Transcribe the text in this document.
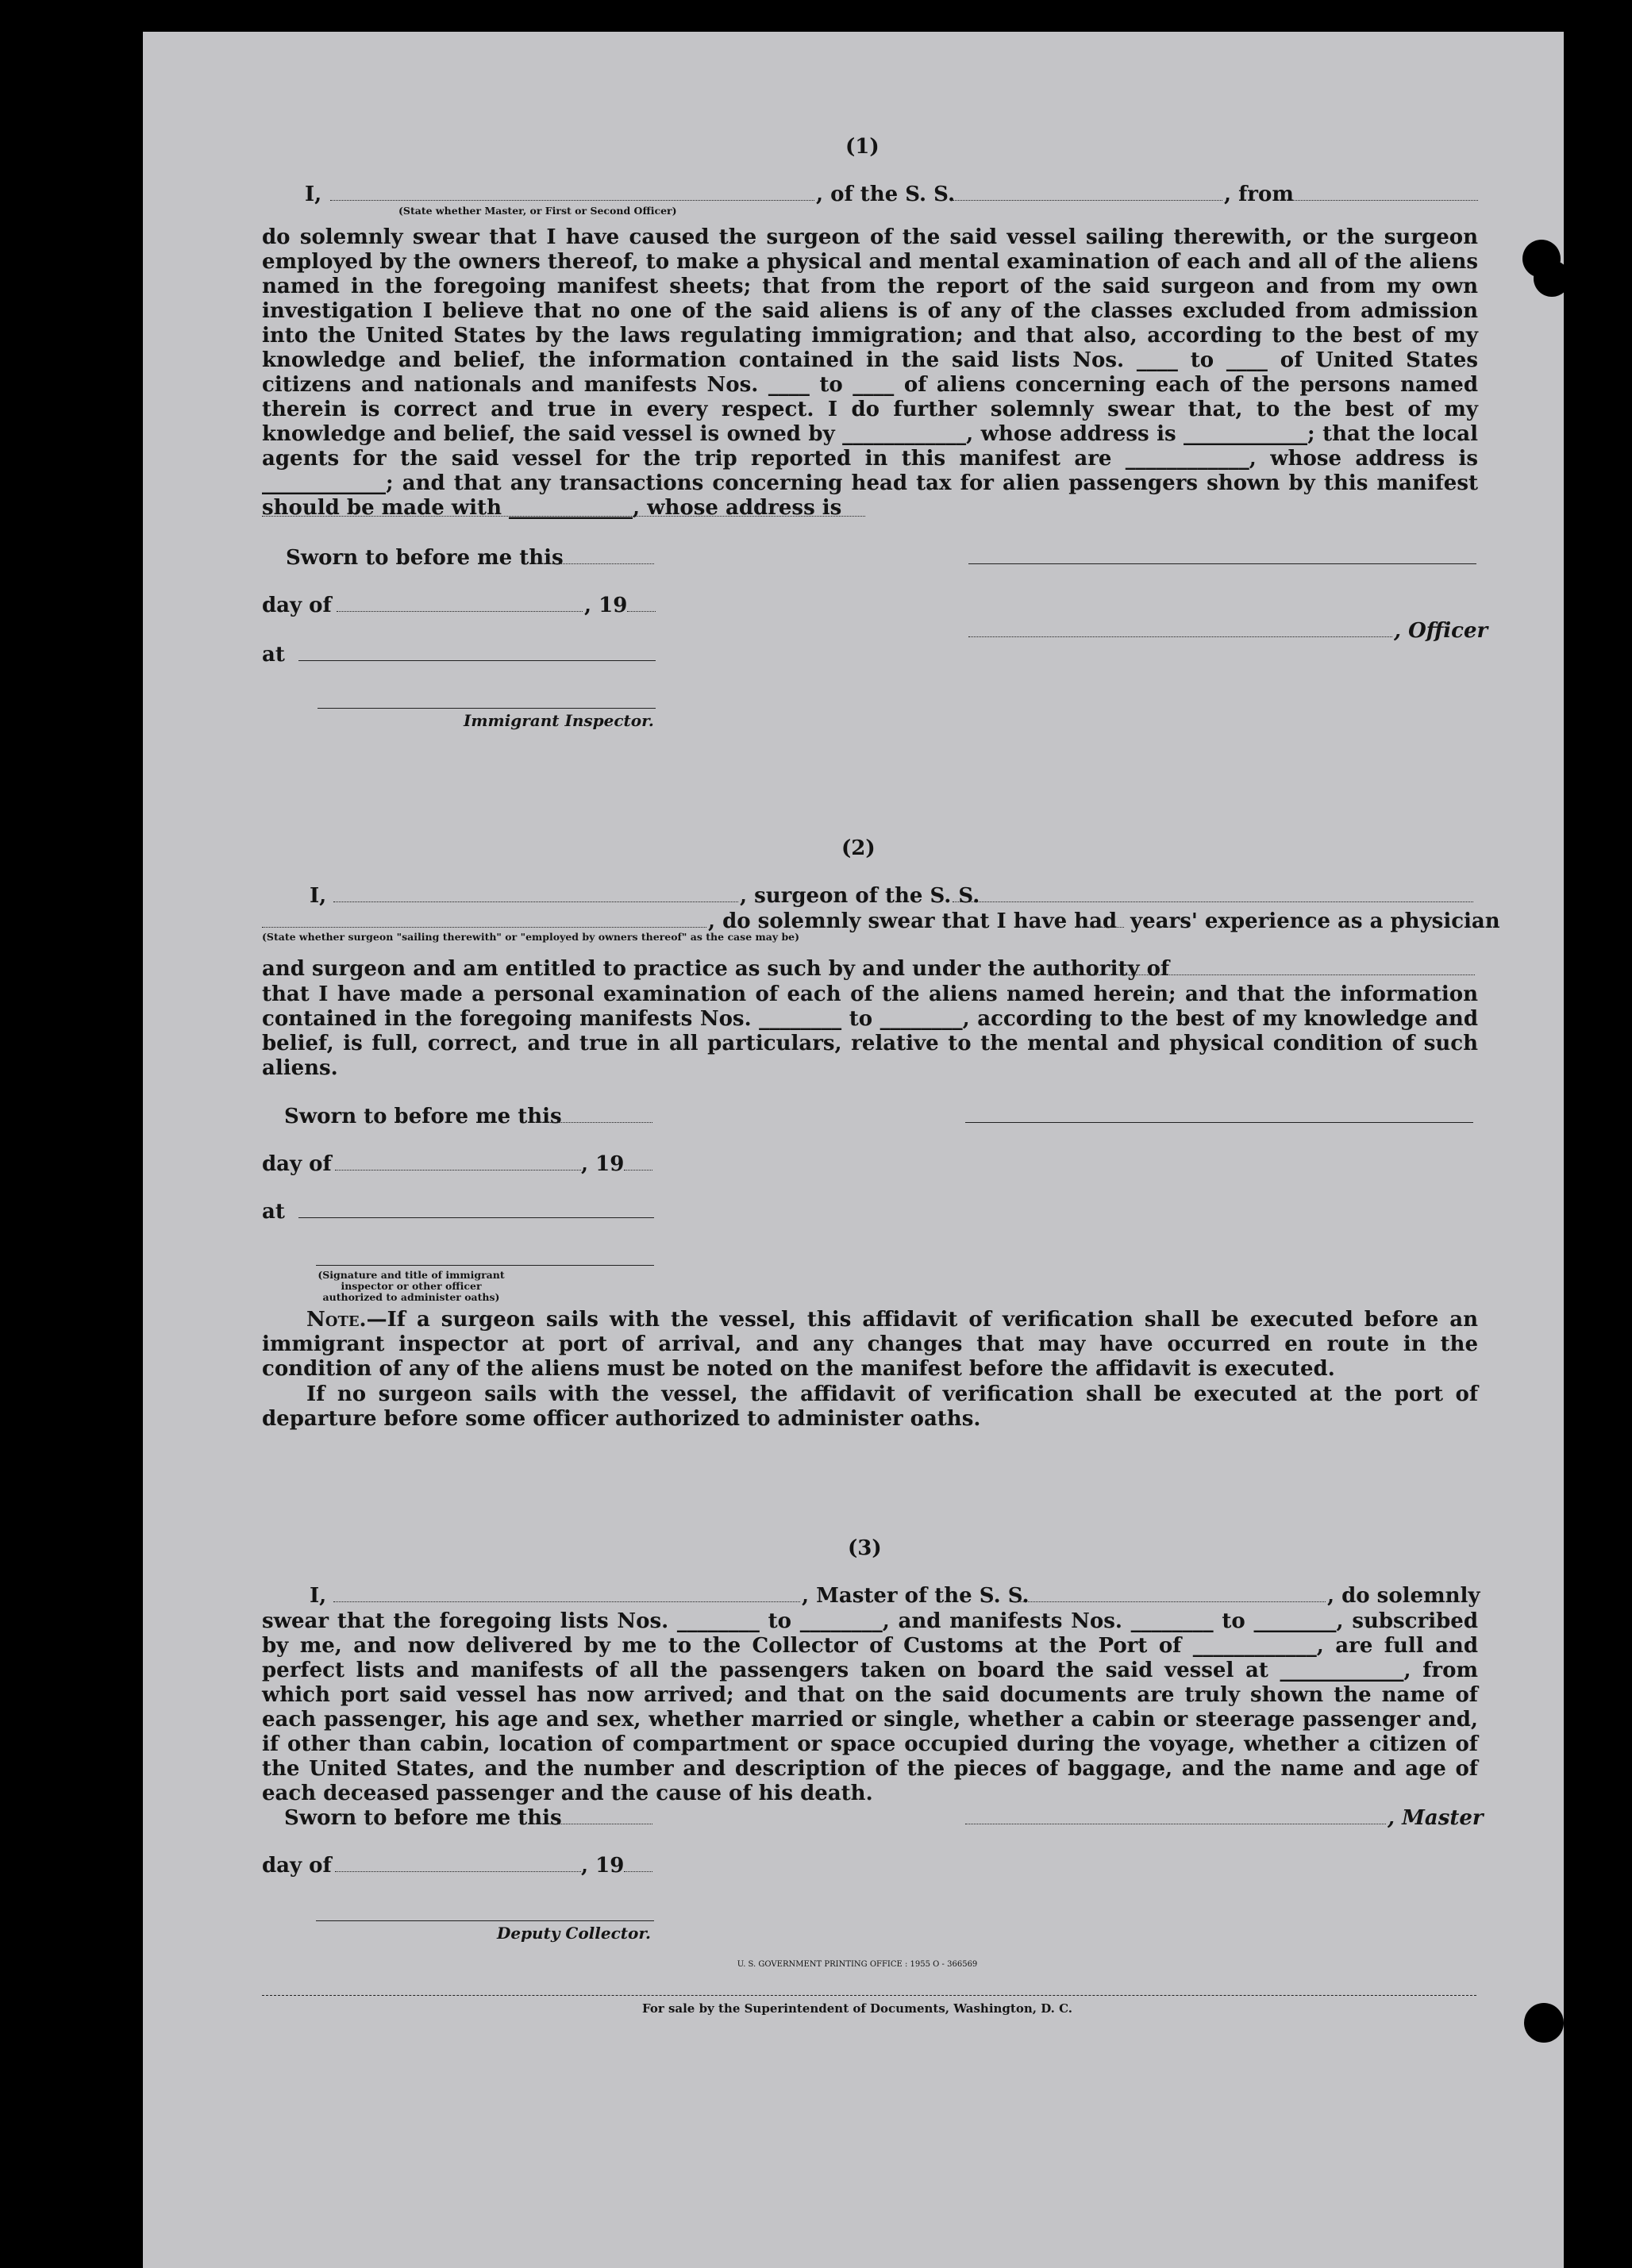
(1)
I,	, of the S. S.	, from
(State whether Master, or First or Second Officer)
do solemnly swear that I have caused the surgeon of the said vessel sailing therewith, or the surgeon employed by the owners thereof, to make a physical and mental examination of each and all of the aliens named in the foregoing manifest sheets; that from the report of the said surgeon and from my own investigation I believe that no one of the said aliens is of any of the classes excluded from admission into the United States by the laws regulating immigration; and that also, according to the best of my knowledge and belief, the information contained in the said lists Nos. ____ to ____ of United States citizens and nationals and manifests Nos. ____ to ____ of aliens concerning each of the persons named therein is correct and true in every respect. I do further solemnly swear that, to the best of my knowledge and belief, the said vessel is owned by ____________, whose address is ____________; that the local agents for the said vessel for the trip reported in this manifest are ____________, whose address is ____________; and that any transactions concerning head tax for alien passengers shown by this manifest should be made with ____________, whose address is
Sworn to before me this
day of	, 19
, Officer
at
Immigrant Inspector.
(2)
I,	, surgeon of the S. S.
, do solemnly swear that I have had years' experience as a physician
(State whether surgeon "sailing therewith" or "employed by owners thereof" as the case may be)
and surgeon and am entitled to practice as such by and under the authority of
that I have made a personal examination of each of the aliens named herein; and that the information contained in the foregoing manifests Nos. ________ to ________, according to the best of my knowledge and belief, is full, correct, and true in all particulars, relative to the mental and physical condition of such aliens.
Sworn to before me this
day of	, 19
at
(Signature and title of immigrant inspector or other officer authorized to administer oaths)
Note.—If a surgeon sails with the vessel, this affidavit of verification shall be executed before an immigrant inspector at port of arrival, and any changes that may have occurred en route in the condition of any of the aliens must be noted on the manifest before the affidavit is executed.
If no surgeon sails with the vessel, the affidavit of verification shall be executed at the port of departure before some officer authorized to administer oaths.
(3)
I,	, Master of the S. S.	, do solemnly
swear that the foregoing lists Nos. ________ to ________, and manifests Nos. ________ to ________, subscribed by me, and now delivered by me to the Collector of Customs at the Port of ____________, are full and perfect lists and manifests of all the passengers taken on board the said vessel at ____________, from which port said vessel has now arrived; and that on the said documents are truly shown the name of each passenger, his age and sex, whether married or single, whether a cabin or steerage passenger and, if other than cabin, location of compartment or space occupied during the voyage, whether a citizen of the United States, and the number and description of the pieces of baggage, and the name and age of each deceased passenger and the cause of his death.
Sworn to before me this	, Master
day of	, 19
Deputy Collector.
U. S. GOVERNMENT PRINTING OFFICE : 1955 O - 366569
For sale by the Superintendent of Documents, Washington, D. C.
